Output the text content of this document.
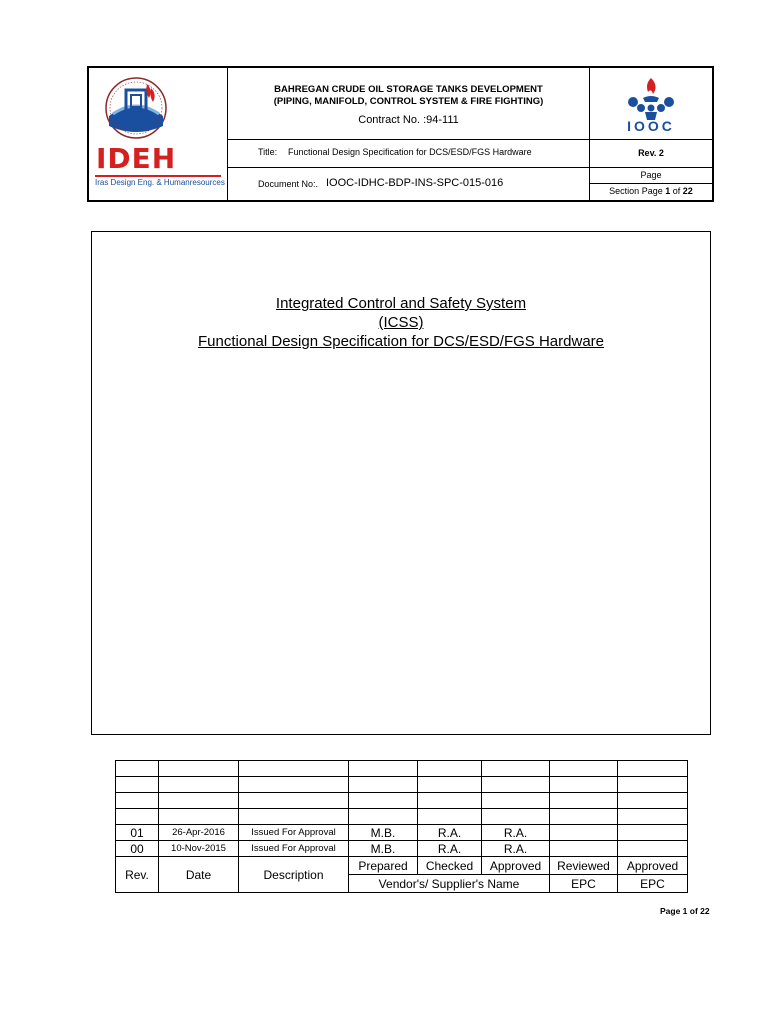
IDEH
Iras Design Eng. & Humanresources
BAHREGAN CRUDE OIL STORAGE TANKS DEVELOPMENT
(PIPING, MANIFOLD, CONTROL SYSTEM & FIRE FIGHTING)
Contract No. :94-111
Title: Functional Design Specification for DCS/ESD/FGS Hardware
Document No:. IOOC-IDHC-BDP-INS-SPC-015-016
IOOC
Rev. 2
Page
Section Page 1 of 22
Integrated Control and Safety System
(ICSS)
Functional Design Specification for DCS/ESD/FGS Hardware

01	26-Apr-2016	Issued For Approval	M.B.	R.A.	R.A.		
00	10-Nov-2015	Issued For Approval	M.B.	R.A.	R.A.		
Rev.	Date	Description	Prepared	Checked	Approved	Reviewed	Approved
			Vendor's/ Supplier's Name			EPC	EPC
Page 1 of 22
